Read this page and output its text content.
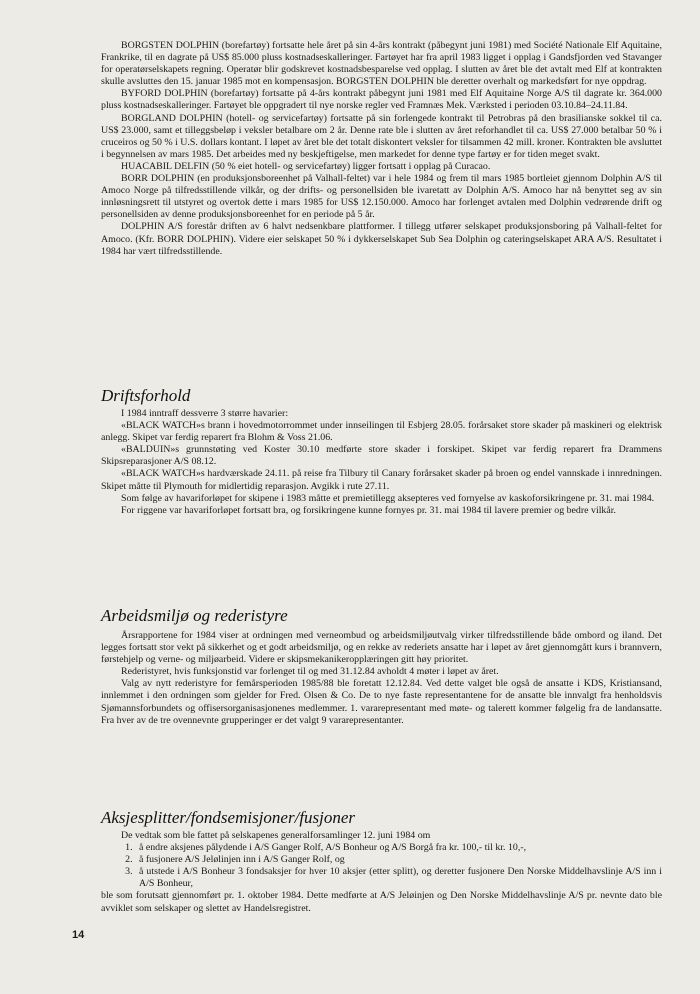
BORGSTEN DOLPHIN (borefartøy) fortsatte hele året på sin 4-års kontrakt (påbegynt juni 1981) med Société Nationale Elf Aquitaine, Frankrike, til en dagrate på US$ 85.000 pluss kostnadseskalleringer. Fartøyet har fra april 1983 ligget i opplag i Gandsfjorden ved Stavanger for operatørselskapets regning. Operatør blir godskrevet kostnadsbesparelse ved opplag. I slutten av året ble det avtalt med Elf at kontrakten skulle avsluttes den 15. januar 1985 mot en kompensasjon. BORGSTEN DOLPHIN ble deretter overhalt og markedsført for nye oppdrag.

BYFORD DOLPHIN (borefartøy) fortsatte på 4-års kontrakt påbegynt juni 1981 med Elf Aquitaine Norge A/S til dagrate kr. 364.000 pluss kostnadseskalleringer. Fartøyet ble oppgradert til nye norske regler ved Framnæs Mek. Værksted i perioden 03.10.84–24.11.84.

BORGLAND DOLPHIN (hotell- og servicefartøy) fortsatte på sin forlengede kontrakt til Petrobras på den brasilianske sokkel til ca. US$ 23.000, samt et tilleggsbeløp i veksler betalbare om 2 år. Denne rate ble i slutten av året reforhandlet til ca. US$ 27.000 betalbar 50 % i cruceiros og 50 % i U.S. dollars kontant. I løpet av året ble det totalt diskontert veksler for tilsammen 42 mill. kroner. Kontrakten ble avsluttet i begynnelsen av mars 1985. Det arbeides med ny beskjeftigelse, men markedet for denne type fartøy er for tiden meget svakt.

HUACABIL DELFIN (50 % eiet hotell- og servicefartøy) ligger fortsatt i opplag på Curacao.

BORR DOLPHIN (en produksjonsboreenhet på Valhall-feltet) var i hele 1984 og frem til mars 1985 bortleiet gjennom Dolphin A/S til Amoco Norge på tilfredsstillende vilkår, og der drifts- og personellsiden ble ivaretatt av Dolphin A/S. Amoco har nå benyttet seg av sin innløsningsrett til utstyret og overtok dette i mars 1985 for US$ 12.150.000. Amoco har forlenget avtalen med Dolphin vedrørende drift og personellsiden av denne produksjonsboreenhet for en periode på 5 år.

DOLPHIN A/S forestår driften av 6 halvt nedsenkbare plattformer. I tillegg utfører selskapet produksjonsboring på Valhall-feltet for Amoco. (Kfr. BORR DOLPHIN). Videre eier selskapet 50 % i dykkerselskapet Sub Sea Dolphin og cateringselskapet ARA A/S. Resultatet i 1984 har vært tilfredsstillende.

Driftsforhold

I 1984 inntraff dessverre 3 større havarier:

«BLACK WATCH»s brann i hovedmotorrommet under innseilingen til Esbjerg 28.05. forårsaket store skader på maskineri og elektrisk anlegg. Skipet var ferdig reparert fra Blohm & Voss 21.06.

«BALDUIN»s grunnstøting ved Koster 30.10 medførte store skader i forskipet. Skipet var ferdig reparert fra Drammens Skipsreparasjoner A/S 08.12.

«BLACK WATCH»s hardværskade 24.11. på reise fra Tilbury til Canary forårsaket skader på broen og endel vannskade i innredningen. Skipet måtte til Plymouth for midlertidig reparasjon. Avgikk i rute 27.11.

Som følge av havariforløpet for skipene i 1983 måtte et premietillegg aksepteres ved fornyelse av kaskoforsikringene pr. 31. mai 1984.

For riggene var havariforløpet fortsatt bra, og forsikringene kunne fornyes pr. 31. mai 1984 til lavere premier og bedre vilkår.

Arbeidsmiljø og rederistyre

Årsrapportene for 1984 viser at ordningen med verneombud og arbeidsmiljøutvalg virker tilfredsstillende både ombord og iland. Det legges fortsatt stor vekt på sikkerhet og et godt arbeidsmiljø, og en rekke av rederiets ansatte har i løpet av året gjennomgått kurs i brannvern, førstehjelp og verne- og miljøarbeid. Videre er skipsmekanikeropplæringen gitt høy prioritet.

Rederistyret, hvis funksjonstid var forlenget til og med 31.12.84 avholdt 4 møter i løpet av året.

Valg av nytt rederistyre for femårsperioden 1985/88 ble foretatt 12.12.84. Ved dette valget ble også de ansatte i KDS, Kristiansand, innlemmet i den ordningen som gjelder for Fred. Olsen & Co. De to nye faste representantene for de ansatte ble innvalgt fra henholdsvis Sjømannsforbundets og offisersorganisasjonenes medlemmer. 1. vararepresentant med møte- og talerett kommer følgelig fra de landansatte. Fra hver av de tre ovennevnte grupperinger er det valgt 9 vararepresentanter.

Aksjesplitter/fondsemisjoner/fusjoner

De vedtak som ble fattet på selskapenes generalforsamlinger 12. juni 1984 om

1. å endre aksjenes pålydende i A/S Ganger Rolf, A/S Bonheur og A/S Borgå fra kr. 100,- til kr. 10,-,
2. å fusjonere A/S Jelølinjen inn i A/S Ganger Rolf, og
3. å utstede i A/S Bonheur 3 fondsaksjer for hver 10 aksjer (etter splitt), og deretter fusjonere Den Norske Middelhavslinje A/S inn i A/S Bonheur,

ble som forutsatt gjennomført pr. 1. oktober 1984. Dette medførte at A/S Jeløinjen og Den Norske Middelhavslinje A/S pr. nevnte dato ble avviklet som selskaper og slettet av Handelsregistret.

14
